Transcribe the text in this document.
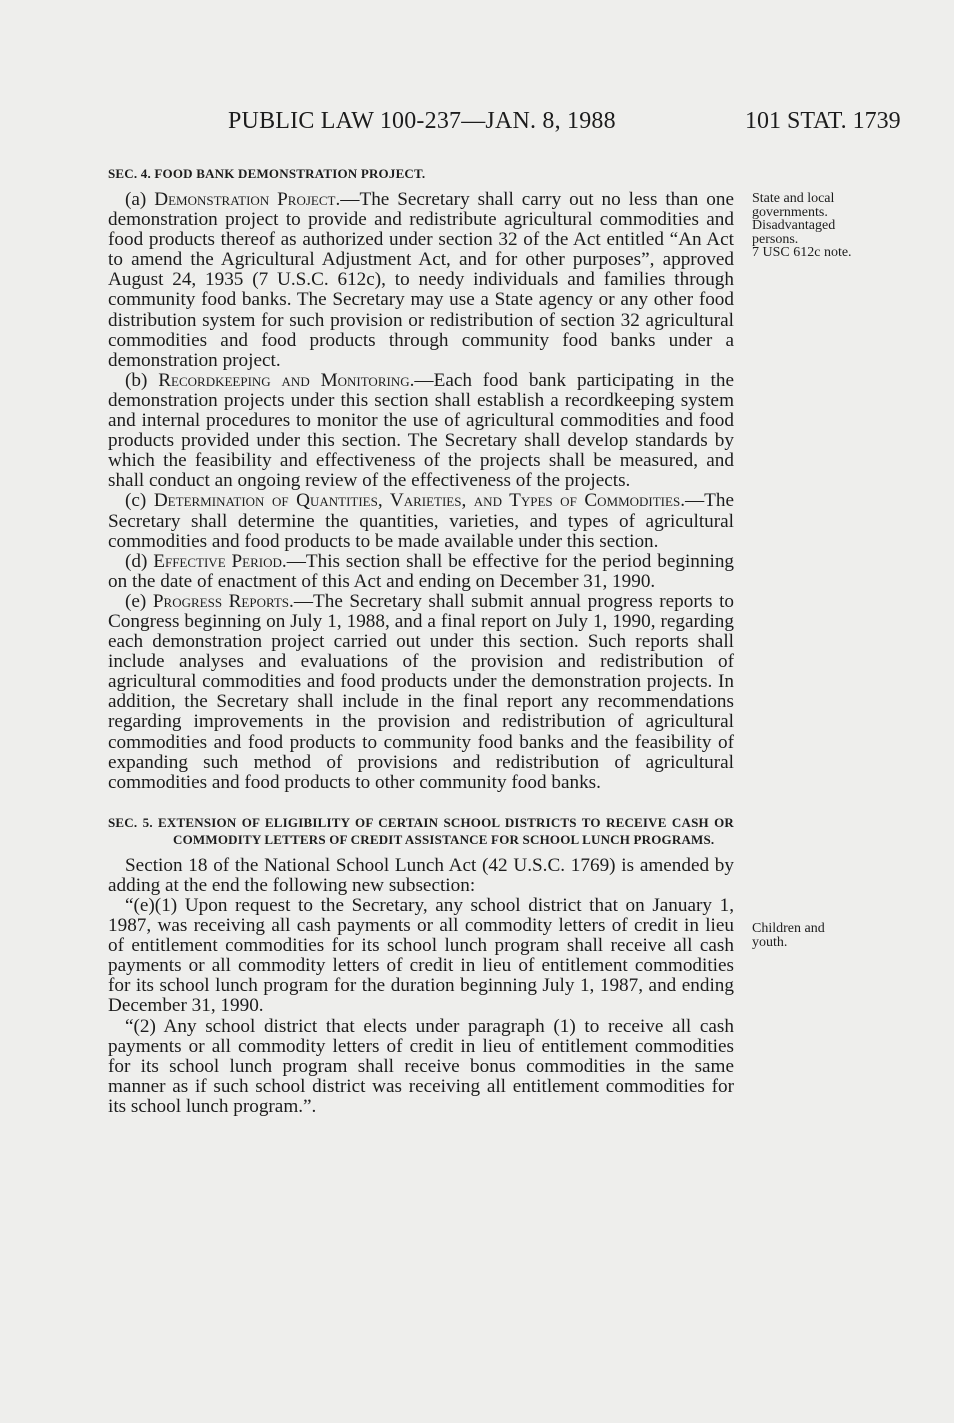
PUBLIC LAW 100-237—JAN. 8, 1988	101 STAT. 1739
SEC. 4. FOOD BANK DEMONSTRATION PROJECT.

(a) Demonstration Project.—The Secretary shall carry out no less than one demonstration project to provide and redistribute agricultural commodities and food products thereof as authorized under section 32 of the Act entitled “An Act to amend the Agricultural Adjustment Act, and for other purposes”, approved August 24, 1935 (7 U.S.C. 612c), to needy individuals and families through community food banks. The Secretary may use a State agency or any other food distribution system for such provision or redistribution of section 32 agricultural commodities and food products through community food banks under a demonstration project.

(b) Recordkeeping and Monitoring.—Each food bank participating in the demonstration projects under this section shall establish a recordkeeping system and internal procedures to monitor the use of agricultural commodities and food products provided under this section. The Secretary shall develop standards by which the feasibility and effectiveness of the projects shall be measured, and shall conduct an ongoing review of the effectiveness of the projects.

(c) Determination of Quantities, Varieties, and Types of Commodities.—The Secretary shall determine the quantities, varieties, and types of agricultural commodities and food products to be made available under this section.

(d) Effective Period.—This section shall be effective for the period beginning on the date of enactment of this Act and ending on December 31, 1990.

(e) Progress Reports.—The Secretary shall submit annual progress reports to Congress beginning on July 1, 1988, and a final report on July 1, 1990, regarding each demonstration project carried out under this section. Such reports shall include analyses and evaluations of the provision and redistribution of agricultural commodities and food products under the demonstration projects. In addition, the Secretary shall include in the final report any recommendations regarding improvements in the provision and redistribution of agricultural commodities and food products to community food banks and the feasibility of expanding such method of provisions and redistribution of agricultural commodities and food products to other community food banks.

SEC. 5. EXTENSION OF ELIGIBILITY OF CERTAIN SCHOOL DISTRICTS TO RECEIVE CASH OR COMMODITY LETTERS OF CREDIT ASSISTANCE FOR SCHOOL LUNCH PROGRAMS.

Section 18 of the National School Lunch Act (42 U.S.C. 1769) is amended by adding at the end the following new subsection:

“(e)(1) Upon request to the Secretary, any school district that on January 1, 1987, was receiving all cash payments or all commodity letters of credit in lieu of entitlement commodities for its school lunch program shall receive all cash payments or all commodity letters of credit in lieu of entitlement commodities for its school lunch program for the duration beginning July 1, 1987, and ending December 31, 1990.

“(2) Any school district that elects under paragraph (1) to receive all cash payments or all commodity letters of credit in lieu of entitlement commodities for its school lunch program shall receive bonus commodities in the same manner as if such school district was receiving all entitlement commodities for its school lunch program.”.

State and local
governments.
Disadvantaged
persons.
7 USC 612c note.
Children and
youth.
